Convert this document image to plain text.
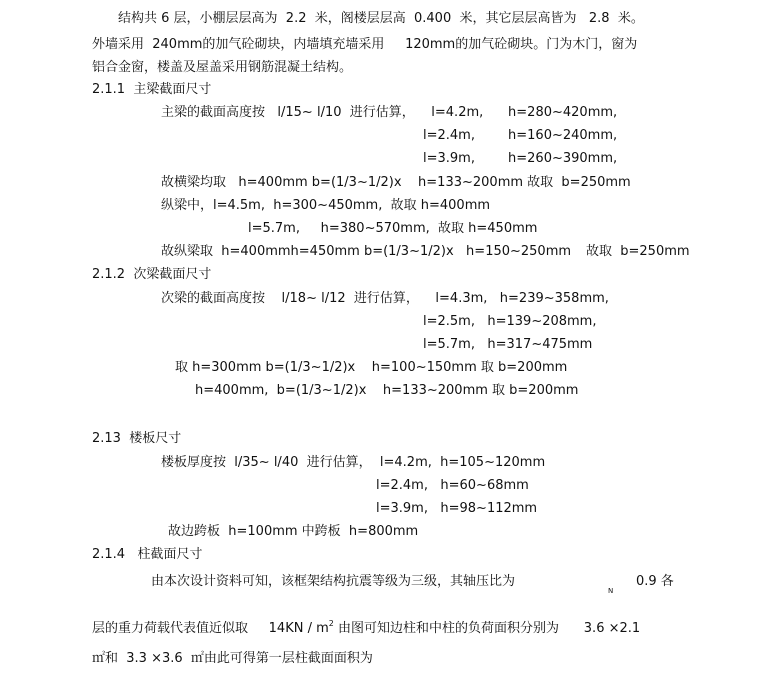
结构共 6 层，小棚层层高为  2.2  米，阁楼层层高  0.400  米，其它层层高皆为   2.8  米。
外墙采用  240mm的加气砼砌块，内墙填充墙采用     120mm的加气砼砌块。门为木门，窗为
铝合金窗，楼盖及屋盖采用钢筋混凝土结构。
2.1.1  主梁截面尺寸
主梁的截面高度按   l/15~ l/10  进行估算，    l=4.2m,      h=280~420mm,
l=2.4m,        h=160~240mm,
l=3.9m,        h=260~390mm,
故横梁均取   h=400mm b=(1/3~1/2)x    h=133~200mm 故取  b=250mm
纵梁中，l=4.5m,  h=300~450mm,  故取 h=400mm
l=5.7m,     h=380~570mm,  故取 h=450mm
故纵梁取  h=400mmh=450mm b=(1/3~1/2)x   h=150~250mm 故取  b=250mm
2.1.2  次梁截面尺寸
次梁的截面高度按    l/18~ l/12  进行估算，    l=4.3m,   h=239~358mm,
l=2.5m,   h=139~208mm,
l=5.7m,   h=317~475mm
取 h=300mm b=(1/3~1/2)x    h=100~150mm 取 b=200mm
h=400mm,  b=(1/3~1/2)x    h=133~200mm 取 b=200mm
2.13  楼板尺寸
楼板厚度按  l/35~ l/40  进行估算，  l=4.2m,  h=105~120mm
l=2.4m,   h=60~68mm
l=3.9m,   h=98~112mm
故边跨板  h=100mm 中跨板  h=800mm
2.1.4   柱截面尺寸
由本次设计资料可知，该框架结构抗震等级为三级，其轴压比为
N
0.9 各
层的重力荷载代表值近似取     $14KN / m^2$ 由图可知边柱和中柱的负荷面积分别为      3.6 ×2.1
㎡和  3.3 ×3.6  ㎡由此可得第一层柱截面面积为
